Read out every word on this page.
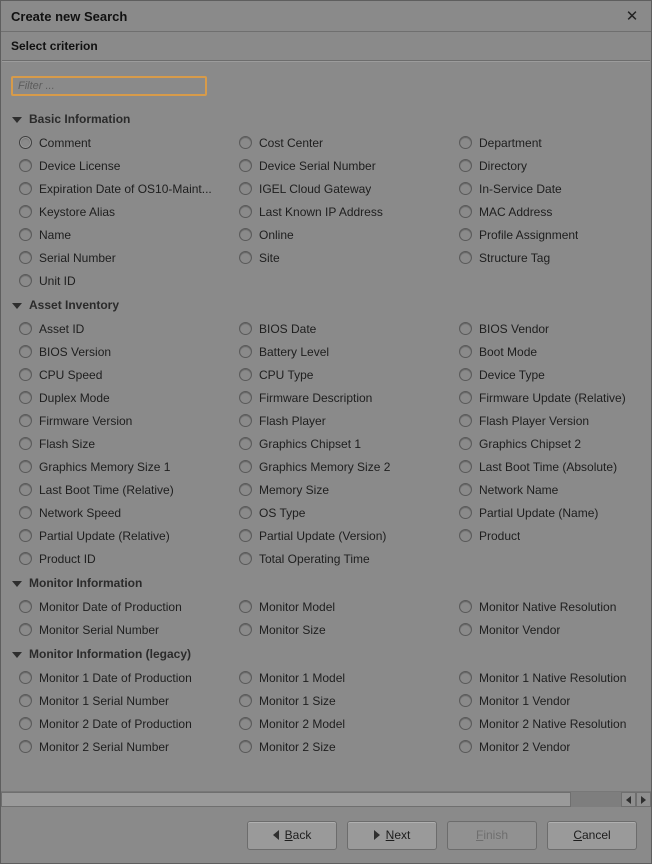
Create new Search	✕
Select criterion
Filter ...
Basic Information
Comment	Cost Center	Department
Device License	Device Serial Number	Directory
Expiration Date of OS10-Maint...	IGEL Cloud Gateway	In-Service Date
Keystore Alias	Last Known IP Address	MAC Address
Name	Online	Profile Assignment
Serial Number	Site	Structure Tag
Unit ID
Asset Inventory
Asset ID	BIOS Date	BIOS Vendor
BIOS Version	Battery Level	Boot Mode
CPU Speed	CPU Type	Device Type
Duplex Mode	Firmware Description	Firmware Update (Relative)
Firmware Version	Flash Player	Flash Player Version
Flash Size	Graphics Chipset 1	Graphics Chipset 2
Graphics Memory Size 1	Graphics Memory Size 2	Last Boot Time (Absolute)
Last Boot Time (Relative)	Memory Size	Network Name
Network Speed	OS Type	Partial Update (Name)
Partial Update (Relative)	Partial Update (Version)	Product
Product ID	Total Operating Time
Monitor Information
Monitor Date of Production	Monitor Model	Monitor Native Resolution
Monitor Serial Number	Monitor Size	Monitor Vendor
Monitor Information (legacy)
Monitor 1 Date of Production	Monitor 1 Model	Monitor 1 Native Resolution
Monitor 1 Serial Number	Monitor 1 Size	Monitor 1 Vendor
Monitor 2 Date of Production	Monitor 2 Model	Monitor 2 Native Resolution
Monitor 2 Serial Number	Monitor 2 Size	Monitor 2 Vendor
Back	Next	Finish	Cancel
